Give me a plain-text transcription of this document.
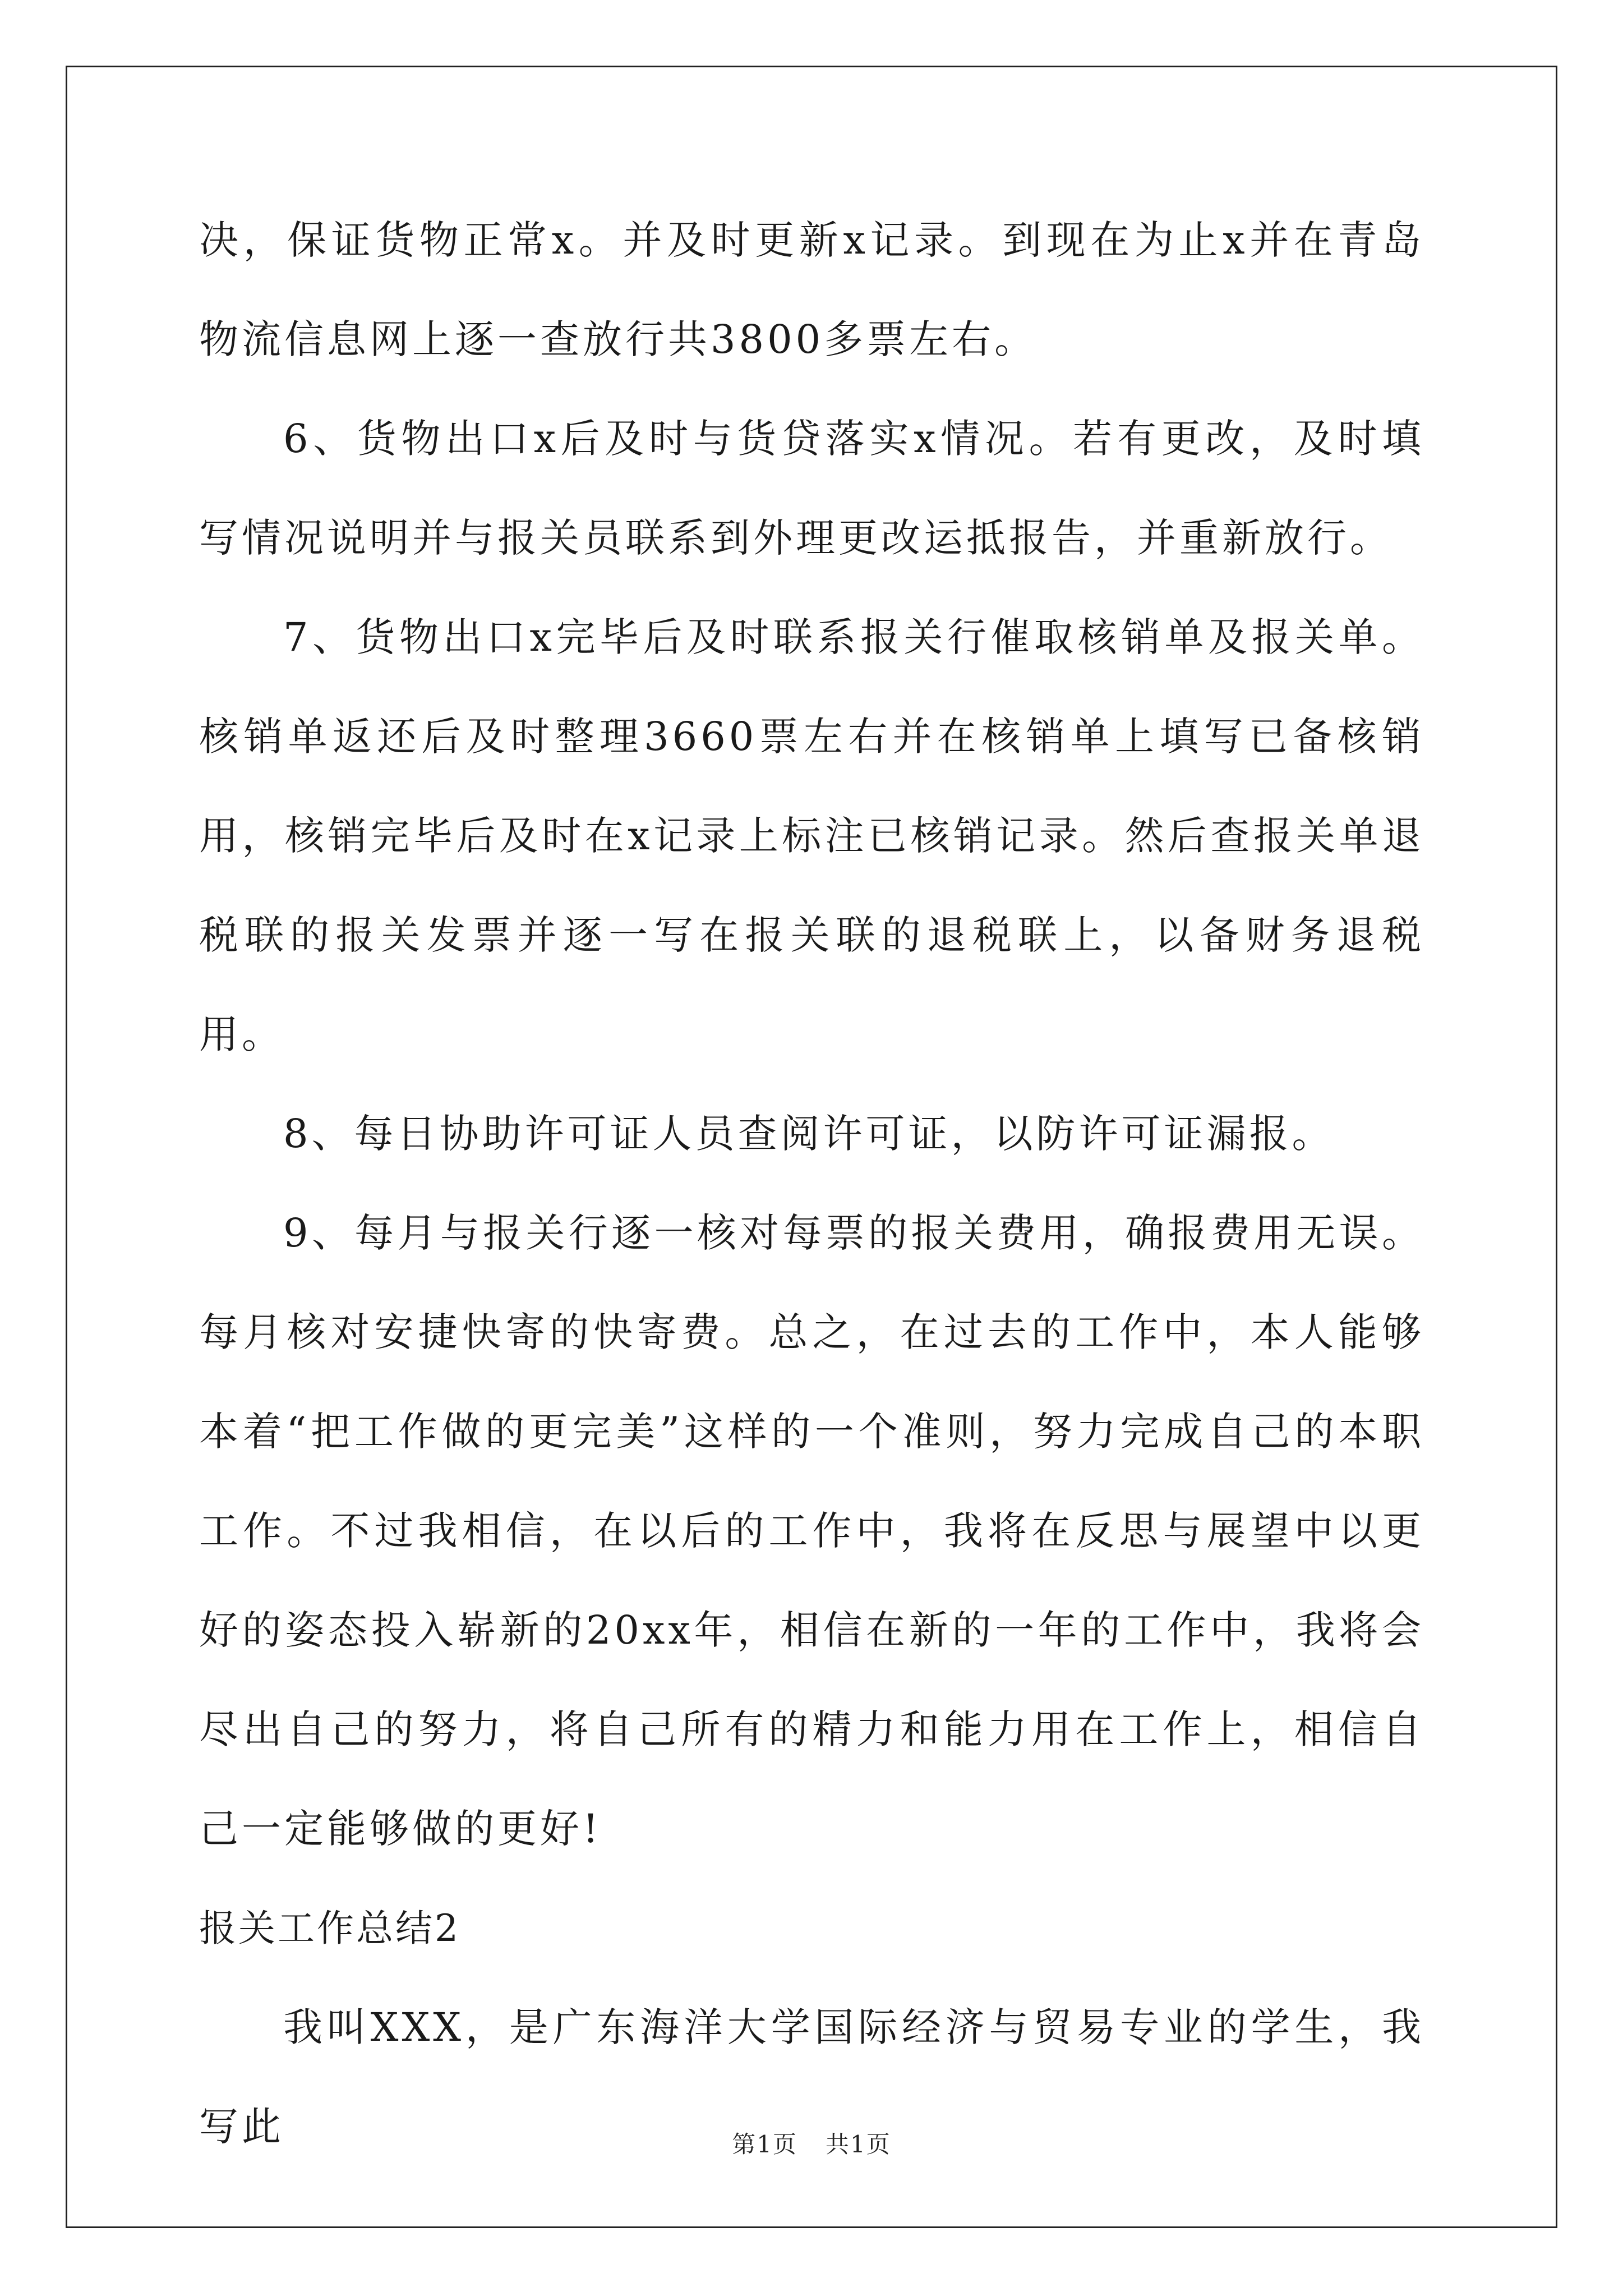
决，保证货物正常x。并及时更新x记录。到现在为止x并在青岛物流信息网上逐一查放行共3800多票左右。

6、货物出口x后及时与货贷落实x情况。若有更改，及时填写情况说明并与报关员联系到外理更改运抵报告，并重新放行。

7、货物出口x完毕后及时联系报关行催取核销单及报关单。核销单返还后及时整理3660票左右并在核销单上填写已备核销用，核销完毕后及时在x记录上标注已核销记录。然后查报关单退税联的报关发票并逐一写在报关联的退税联上，以备财务退税用。

8、每日协助许可证人员查阅许可证，以防许可证漏报。

9、每月与报关行逐一核对每票的报关费用，确报费用无误。每月核对安捷快寄的快寄费。总之，在过去的工作中，本人能够本着“把工作做的更完美”这样的一个准则，努力完成自己的本职工作。不过我相信，在以后的工作中，我将在反思与展望中以更好的姿态投入崭新的20xx年，相信在新的一年的工作中，我将会尽出自己的努力，将自己所有的精力和能力用在工作上，相信自己一定能够做的更好!

报关工作总结2

我叫XXX，是广东海洋大学国际经济与贸易专业的学生，我写此	第1页 共1页
